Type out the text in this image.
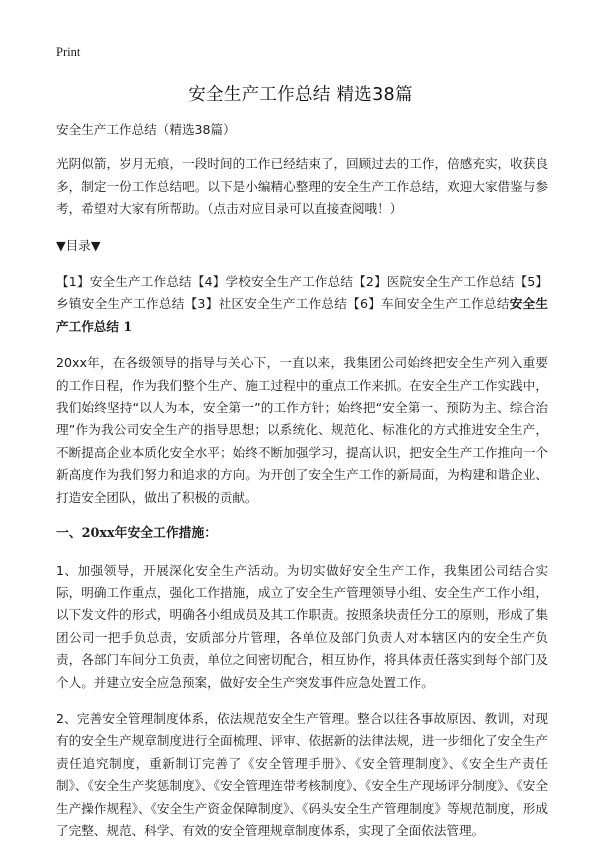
Print
安全生产工作总结 精选38篇

安全生产工作总结（精选38篇）

光阴似箭，岁月无痕，一段时间的工作已经结束了，回顾过去的工作，倍感充实，收获良多，制定一份工作总结吧。以下是小编精心整理的安全生产工作总结，欢迎大家借鉴与参考，希望对大家有所帮助。（点击对应目录可以直接查阅哦！）

▼目录▼

【1】安全生产工作总结【4】学校安全生产工作总结【2】医院安全生产工作总结【5】乡镇安全生产工作总结【3】社区安全生产工作总结【6】车间安全生产工作总结安全生产工作总结 1

20xx年，在各级领导的指导与关心下，一直以来，我集团公司始终把安全生产列入重要的工作日程，作为我们整个生产、施工过程中的重点工作来抓。在安全生产工作实践中，我们始终坚持“以人为本，安全第一”的工作方针；始终把“安全第一、预防为主、综合治理”作为我公司安全生产的指导思想；以系统化、规范化、标准化的方式推进安全生产，不断提高企业本质化安全水平；始终不断加强学习，提高认识，把安全生产工作推向一个新高度作为我们努力和追求的方向。为开创了安全生产工作的新局面，为构建和谐企业、打造安全团队，做出了积极的贡献。

一、20xx年安全工作措施：

1、加强领导，开展深化安全生产活动。为切实做好安全生产工作，我集团公司结合实际，明确工作重点，强化工作措施，成立了安全生产管理领导小组、安全生产工作小组，以下发文件的形式，明确各小组成员及其工作职责。按照条块责任分工的原则，形成了集团公司一把手负总责，安质部分片管理，各单位及部门负责人对本辖区内的安全生产负责，各部门车间分工负责，单位之间密切配合，相互协作，将具体责任落实到每个部门及个人。并建立安全应急预案，做好安全生产突发事件应急处置工作。

2、完善安全管理制度体系，依法规范安全生产管理。整合以往各事故原因、教训，对现有的安全生产规章制度进行全面梳理、评审、依据新的法律法规，进一步细化了安全生产责任追究制度，重新制订完善了《安全管理手册》、《安全管理制度》、《安全生产责任制》、《安全生产奖惩制度》、《安全管理连带考核制度》、《安全生产现场评分制度》、《安全生产操作规程》、《安全生产资金保障制度》、《码头安全生产管理制度》等规范制度，形成了完整、规范、科学、有效的安全管理规章制度体系，实现了全面依法管理。
